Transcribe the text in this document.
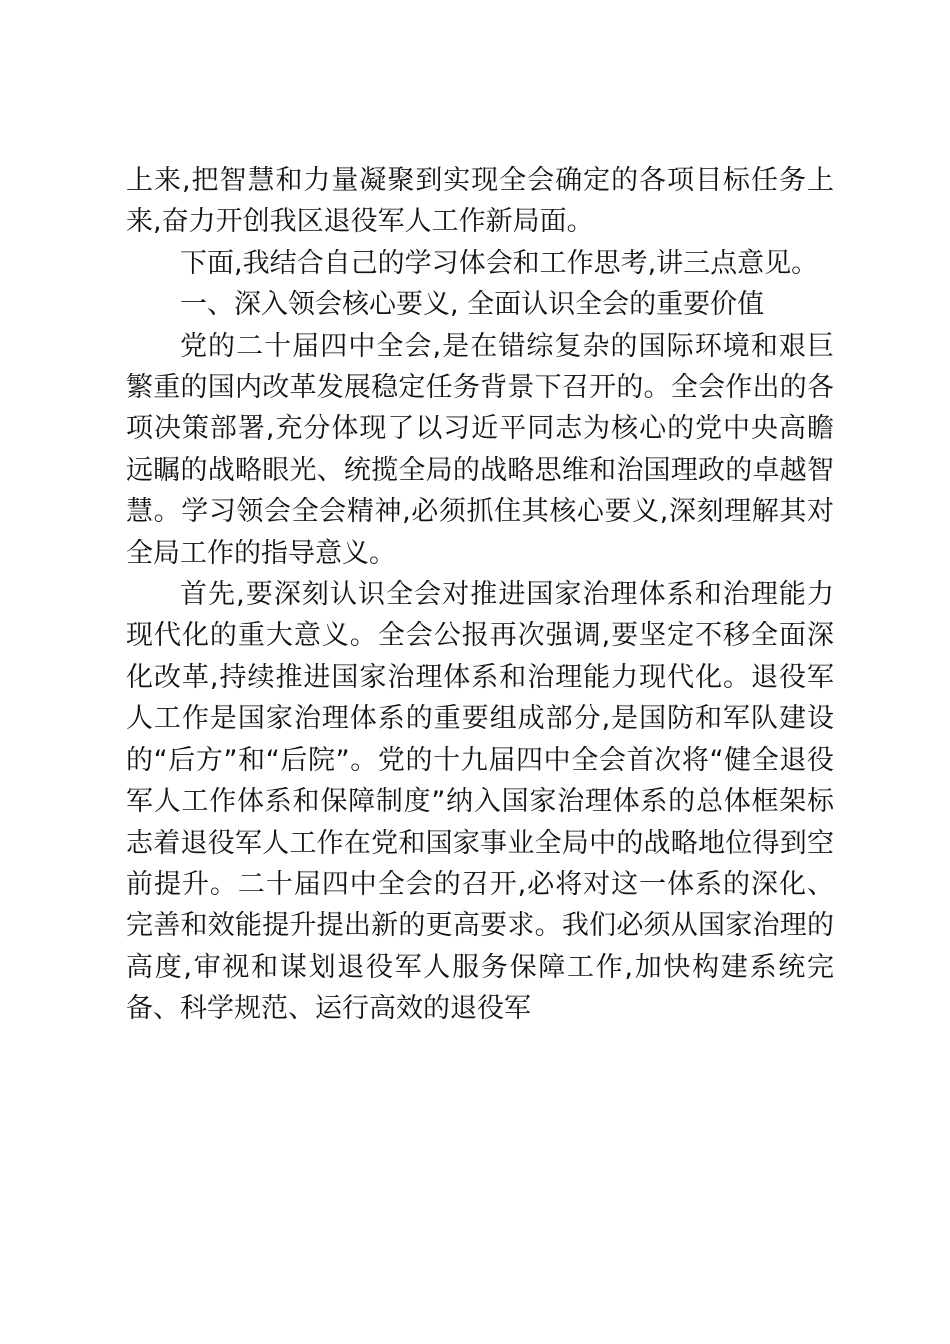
上来,把智慧和力量凝聚到实现全会确定的各项目标任务上来,奋力开创我区退役军人工作新局面。

下面,我结合自己的学习体会和工作思考,讲三点意见。

一、深入领会核心要义, 全面认识全会的重要价值

党的二十届四中全会,是在错综复杂的国际环境和艰巨繁重的国内改革发展稳定任务背景下召开的。全会作出的各项决策部署,充分体现了以习近平同志为核心的党中央高瞻远瞩的战略眼光、统揽全局的战略思维和治国理政的卓越智慧。学习领会全会精神,必须抓住其核心要义,深刻理解其对全局工作的指导意义。

首先,要深刻认识全会对推进国家治理体系和治理能力现代化的重大意义。全会公报再次强调,要坚定不移全面深化改革,持续推进国家治理体系和治理能力现代化。退役军人工作是国家治理体系的重要组成部分,是国防和军队建设的“后方”和“后院”。党的十九届四中全会首次将“健全退役军人工作体系和保障制度”纳入国家治理体系的总体框架标志着退役军人工作在党和国家事业全局中的战略地位得到空前提升。二十届四中全会的召开,必将对这一体系的深化、完善和效能提升提出新的更高要求。我们必须从国家治理的高度,审视和谋划退役军人服务保障工作,加快构建系统完备、科学规范、运行高效的退役军
